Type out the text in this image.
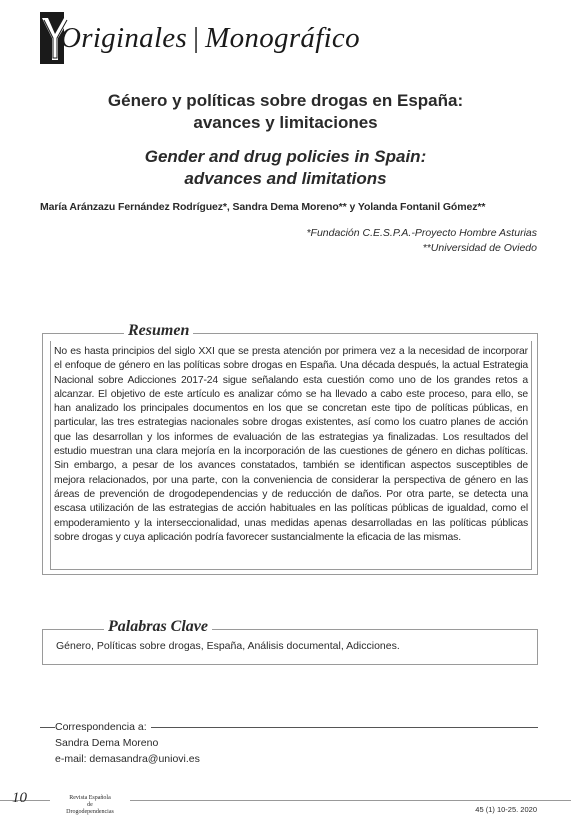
Originales | Monográfico
Género y políticas sobre drogas en España:
avances y limitaciones
Gender and drug policies in Spain:
advances and limitations
María Aránzazu Fernández Rodríguez*, Sandra Dema Moreno** y Yolanda Fontanil Gómez**
*Fundación C.E.S.P.A.-Proyecto Hombre Asturias
**Universidad de Oviedo
Resumen
No es hasta principios del siglo XXI que se presta atención por primera vez a la necesidad de incorporar el enfoque de género en las políticas sobre drogas en España. Una década después, la actual Estrategia Nacional sobre Adicciones 2017-24 sigue señalando esta cuestión como uno de los grandes retos a alcanzar. El objetivo de este artículo es analizar cómo se ha llevado a cabo este proceso, para ello, se han analizado los principales documentos en los que se concretan este tipo de políticas públicas, en particular, las tres estrategias nacionales sobre drogas existentes, así como los cuatro planes de acción que las desarrollan y los informes de evaluación de las estrategias ya finalizadas. Los resultados del estudio muestran una clara mejoría en la incorporación de las cuestiones de género en dichas políticas. Sin embargo, a pesar de los avances constatados, también se identifican aspectos susceptibles de mejora relacionados, por una parte, con la conveniencia de considerar la perspectiva de género en las áreas de prevención de drogodependencias y de reducción de daños. Por otra parte, se detecta una escasa utilización de las estrategias de acción habituales en las políticas públicas de igualdad, como el empoderamiento y la interseccionalidad, unas medidas apenas desarrolladas en las políticas públicas sobre drogas y cuya aplicación podría favorecer sustancialmente la eficacia de las mismas.
Palabras Clave
Género, Políticas sobre drogas, España, Análisis documental, Adicciones.
Correspondencia a:
Sandra Dema Moreno
e-mail: demasandra@uniovi.es
10	Revista Española
de
Drogodependencias	45 (1) 10-25. 2020
